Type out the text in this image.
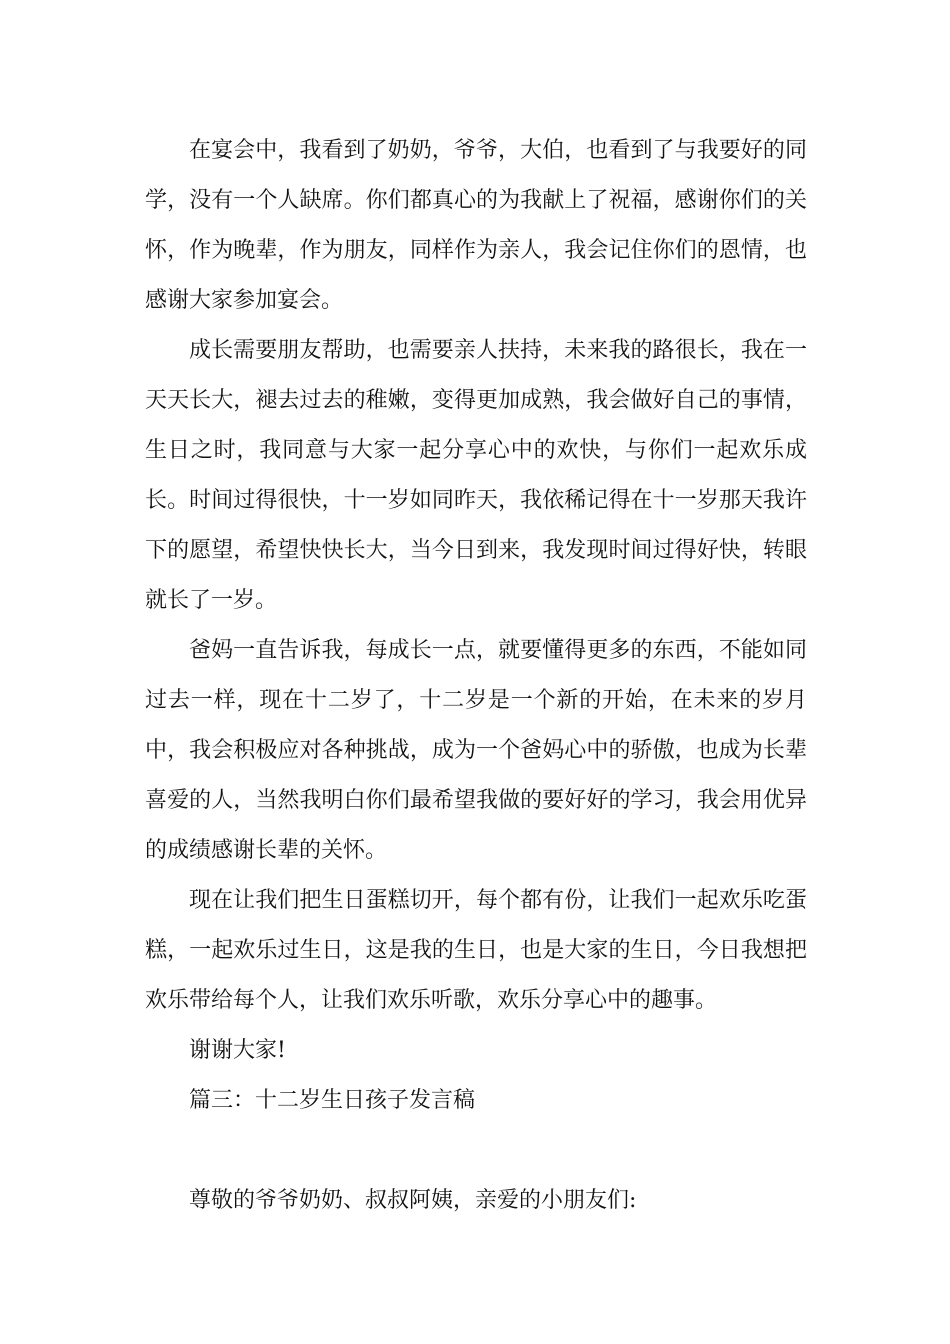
在宴会中，我看到了奶奶，爷爷，大伯，也看到了与我要好的同学，没有一个人缺席。你们都真心的为我献上了祝福，感谢你们的关怀，作为晚辈，作为朋友，同样作为亲人，我会记住你们的恩情，也感谢大家参加宴会。

成长需要朋友帮助，也需要亲人扶持，未来我的路很长，我在一天天长大，褪去过去的稚嫩，变得更加成熟，我会做好自己的事情，生日之时，我同意与大家一起分享心中的欢快，与你们一起欢乐成长。时间过得很快，十一岁如同昨天，我依稀记得在十一岁那天我许下的愿望，希望快快长大，当今日到来，我发现时间过得好快，转眼就长了一岁。

爸妈一直告诉我，每成长一点，就要懂得更多的东西，不能如同过去一样，现在十二岁了，十二岁是一个新的开始，在未来的岁月中，我会积极应对各种挑战，成为一个爸妈心中的骄傲，也成为长辈喜爱的人，当然我明白你们最希望我做的要好好的学习，我会用优异的成绩感谢长辈的关怀。

现在让我们把生日蛋糕切开，每个都有份，让我们一起欢乐吃蛋糕，一起欢乐过生日，这是我的生日，也是大家的生日，今日我想把欢乐带给每个人，让我们欢乐听歌，欢乐分享心中的趣事。

谢谢大家!

篇三：十二岁生日孩子发言稿

尊敬的爷爷奶奶、叔叔阿姨，亲爱的小朋友们:
